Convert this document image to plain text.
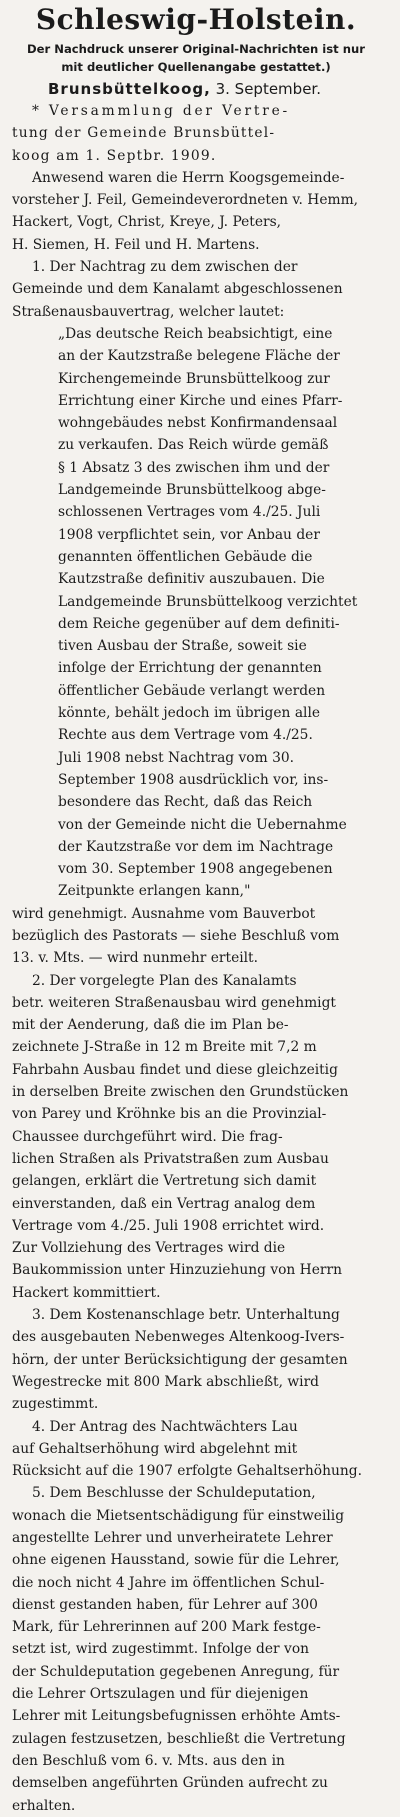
Schleswig-Holstein.
Der Nachdruck unserer Original-Nachrichten ist nur
mit deutlicher Quellenangabe gestattet.)
Brunsbüttelkoog, 3. September.
* Versammlung der Vertre-
tung der Gemeinde Brunsbüttel-
koog am 1. Septbr. 1909.
Anwesend waren die Herrn Koogsgemeinde-
vorsteher J. Feil, Gemeindeverordneten v. Hemm,
Hackert, Vogt, Christ, Kreye, J. Peters,
H. Siemen, H. Feil und H. Martens.
1. Der Nachtrag zu dem zwischen der
Gemeinde und dem Kanalamt abgeschlossenen
Straßenausbauvertrag, welcher lautet:
„Das deutsche Reich beabsichtigt, eine
an der Kautzstraße belegene Fläche der
Kirchengemeinde Brunsbüttelkoog zur
Errichtung einer Kirche und eines Pfarr-
wohngebäudes nebst Konfirmandensaal
zu verkaufen. Das Reich würde gemäß
§ 1 Absatz 3 des zwischen ihm und der
Landgemeinde Brunsbüttelkoog abge-
schlossenen Vertrages vom 4./25. Juli
1908 verpflichtet sein, vor Anbau der
genannten öffentlichen Gebäude die
Kautzstraße definitiv auszubauen. Die
Landgemeinde Brunsbüttelkoog verzichtet
dem Reiche gegenüber auf dem definiti-
tiven Ausbau der Straße, soweit sie
infolge der Errichtung der genannten
öffentlicher Gebäude verlangt werden
könnte, behält jedoch im übrigen alle
Rechte aus dem Vertrage vom 4./25.
Juli 1908 nebst Nachtrag vom 30.
September 1908 ausdrücklich vor, ins-
besondere das Recht, daß das Reich
von der Gemeinde nicht die Uebernahme
der Kautzstraße vor dem im Nachtrage
vom 30. September 1908 angegebenen
Zeitpunkte erlangen kann,"
wird genehmigt. Ausnahme vom Bauverbot
bezüglich des Pastorats — siehe Beschluß vom
13. v. Mts. — wird nunmehr erteilt.
2. Der vorgelegte Plan des Kanalamts
betr. weiteren Straßenausbau wird genehmigt
mit der Aenderung, daß die im Plan be-
zeichnete J-Straße in 12 m Breite mit 7,2 m
Fahrbahn Ausbau findet und diese gleichzeitig
in derselben Breite zwischen den Grundstücken
von Parey und Kröhnke bis an die Provinzial-
Chaussee durchgeführt wird. Die frag-
lichen Straßen als Privatstraßen zum Ausbau
gelangen, erklärt die Vertretung sich damit
einverstanden, daß ein Vertrag analog dem
Vertrage vom 4./25. Juli 1908 errichtet wird.
Zur Vollziehung des Vertrages wird die
Baukommission unter Hinzuziehung von Herrn
Hackert kommittiert.
3. Dem Kostenanschlage betr. Unterhaltung
des ausgebauten Nebenweges Altenkoog-Ivers-
hörn, der unter Berücksichtigung der gesamten
Wegestrecke mit 800 Mark abschließt, wird
zugestimmt.
4. Der Antrag des Nachtwächters Lau
auf Gehaltserhöhung wird abgelehnt mit
Rücksicht auf die 1907 erfolgte Gehaltserhöhung.
5. Dem Beschlusse der Schuldeputation,
wonach die Mietsentschädigung für einstweilig
angestellte Lehrer und unverheiratete Lehrer
ohne eigenen Hausstand, sowie für die Lehrer,
die noch nicht 4 Jahre im öffentlichen Schul-
dienst gestanden haben, für Lehrer auf 300
Mark, für Lehrerinnen auf 200 Mark festge-
setzt ist, wird zugestimmt. Infolge der von
der Schuldeputation gegebenen Anregung, für
die Lehrer Ortszulagen und für diejenigen
Lehrer mit Leitungsbefugnissen erhöhte Amts-
zulagen festzusetzen, beschließt die Vertretung
den Beschluß vom 6. v. Mts. aus den in
demselben angeführten Gründen aufrecht zu
erhalten.
